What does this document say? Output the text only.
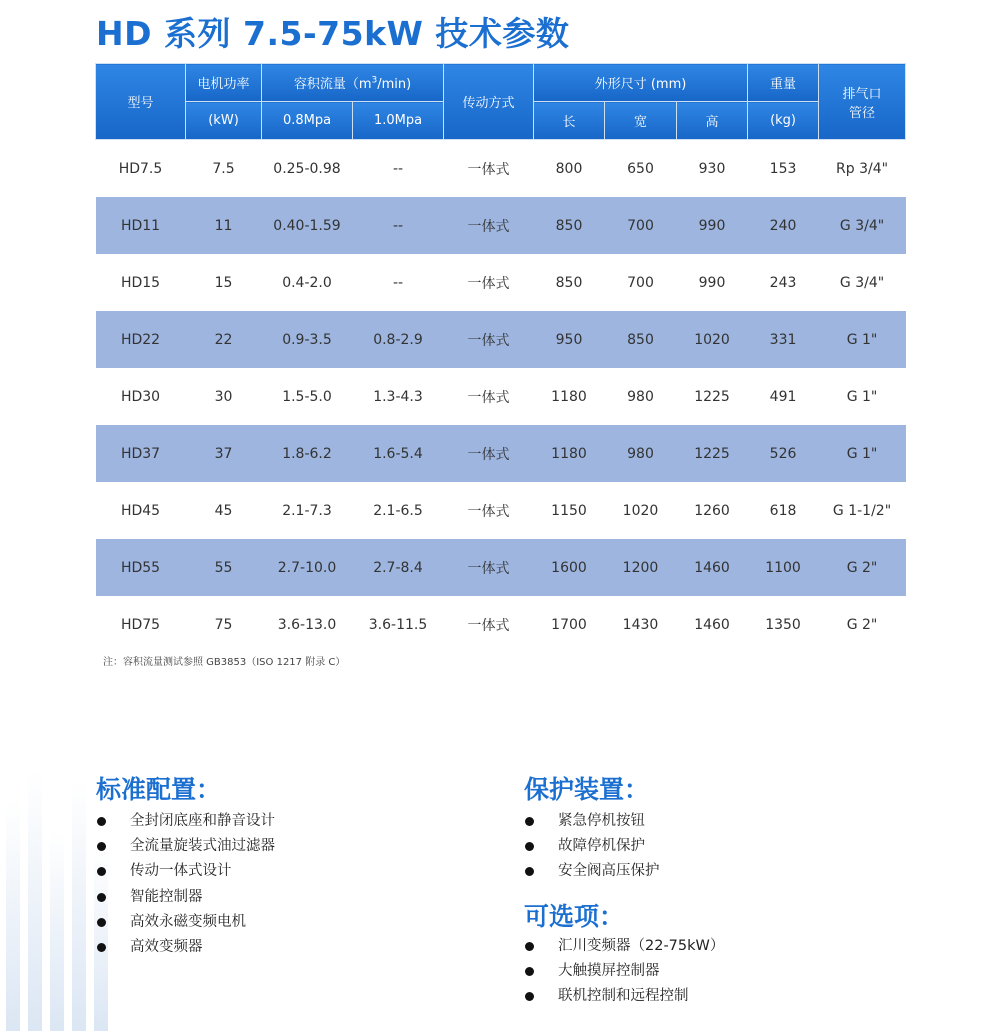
HD 系列 7.5-75kW 技术参数
型号	电机功率	容积流量$(m^3/\min)$		传动方式	外形尺寸 (mm)			重量	排气口
管径
	(kW)	0.8Mpa	1.0Mpa		长	宽	高	(kg)	
HD7.5	7.5	0.25-0.98	--	一体式	800	650	930	153	Rp 3/4"
HD11	11	0.40-1.59	--	一体式	850	700	990	240	G 3/4"
HD15	15	0.4-2.0	--	一体式	850	700	990	243	G 3/4"
HD22	22	0.9-3.5	0.8-2.9	一体式	950	850	1020	331	G 1"
HD30	30	1.5-5.0	1.3-4.3	一体式	1180	980	1225	491	G 1"
HD37	37	1.8-6.2	1.6-5.4	一体式	1180	980	1225	526	G 1"
HD45	45	2.1-7.3	2.1-6.5	一体式	1150	1020	1260	618	G 1-1/2"
HD55	55	2.7-10.0	2.7-8.4	一体式	1600	1200	1460	1100	G 2"
HD75	75	3.6-13.0	3.6-11.5	一体式	1700	1430	1460	1350	G 2"
注：容积流量测试参照 GB3853（ISO 1217 附录 C）
标准配置：
全封闭底座和静音设计
全流量旋装式油过滤器
传动一体式设计
智能控制器
高效永磁变频电机
高效变频器
保护装置：
紧急停机按钮
故障停机保护
安全阀高压保护
可选项：
汇川变频器（22-75kW）
大触摸屏控制器
联机控制和远程控制
